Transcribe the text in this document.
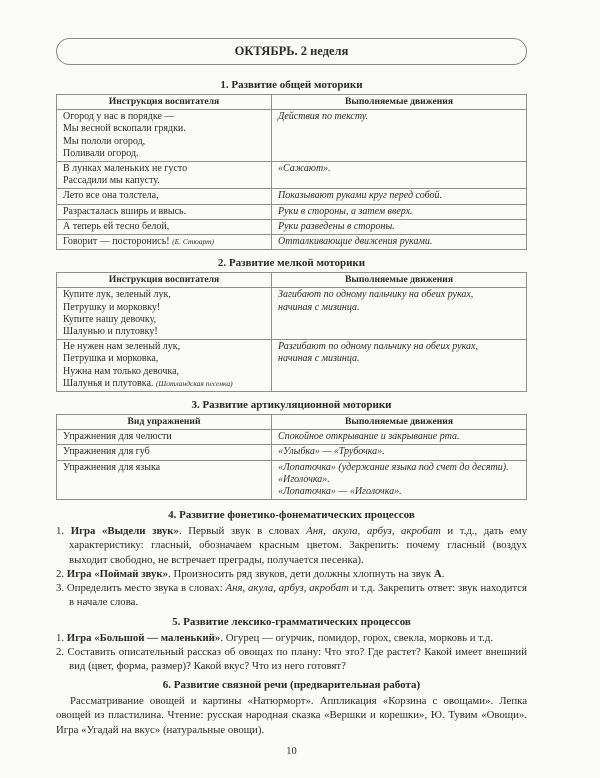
ОКТЯБРЬ. 2 неделя
1. Развитие общей моторики
Инструкция воспитателя	Выполняемые движения

Огород у нас в порядке —
Мы весной вскопали грядки.
Мы пололи огород,
Поливали огород.	Действия по тексту.

В лунках маленьких не густо
Рассадили мы капусту.	«Сажают».

Лето все она толстела,	Показывают руками круг перед собой.

Разрасталась вширь и ввысь.	Руки в стороны, а затем вверх.

А теперь ей тесно белой,	Руки разведены в стороны.

Говорит — посторонись! (Е. Стюарт)	Отталкивающие движения руками.
2. Развитие мелкой моторики
Инструкция воспитателя	Выполняемые движения

Купите лук, зеленый лук,
Петрушку и морковку!
Купите нашу девочку,
Шалунью и плутовку!	Загибают по одному пальчику на обеих руках,
начиная с мизинца.

Не нужен нам зеленый лук,
Петрушка и морковка,
Нужна нам только девочка,
Шалунья и плутовка. (Шотландская песенка)	Разгибают по одному пальчику на обеих руках,
начиная с мизинца.
3. Развитие артикуляционной моторики
Вид упражнений	Выполняемые движения

Упражнения для челюсти	Спокойное открывание и закрывание рта.

Упражнения для губ	«Улыбка» — «Трубочка».

Упражнения для языка	«Лопаточка» (удержание языка под счет до десяти).
«Иголочка».
«Лопаточка» — «Иголочка».
4. Развитие фонетико-фонематических процессов
1. Игра «Выдели звук». Первый звук в словах Аня, акула, арбуз, акробат и т.д., дать ему характеристику: гласный, обозначаем красным цветом. Закрепить: почему гласный (воздух выходит свободно, не встречает преграды, получается песенка).
2. Игра «Поймай звук». Произносить ряд звуков, дети должны хлопнуть на звук А.
3. Определить место звука в словах: Аня, акула, арбуз, акробат и т.д. Закрепить ответ: звук находится в начале слова.
5. Развитие лексико-грамматических процессов
1. Игра «Большой — маленький». Огурец — огурчик, помидор, горох, свекла, морковь и т.д.
2. Составить описательный рассказ об овощах по плану: Что это? Где растет? Какой имеет внешний вид (цвет, форма, размер)? Какой вкус? Что из него готовят?
6. Развитие связной речи (предварительная работа)

Рассматривание овощей и картины «Натюрморт». Аппликация «Корзина с овощами». Лепка овощей из пластилина. Чтение: русская народная сказка «Вершки и корешки», Ю. Тувим «Овощи». Игра «Угадай на вкус» (натуральные овощи).

10
